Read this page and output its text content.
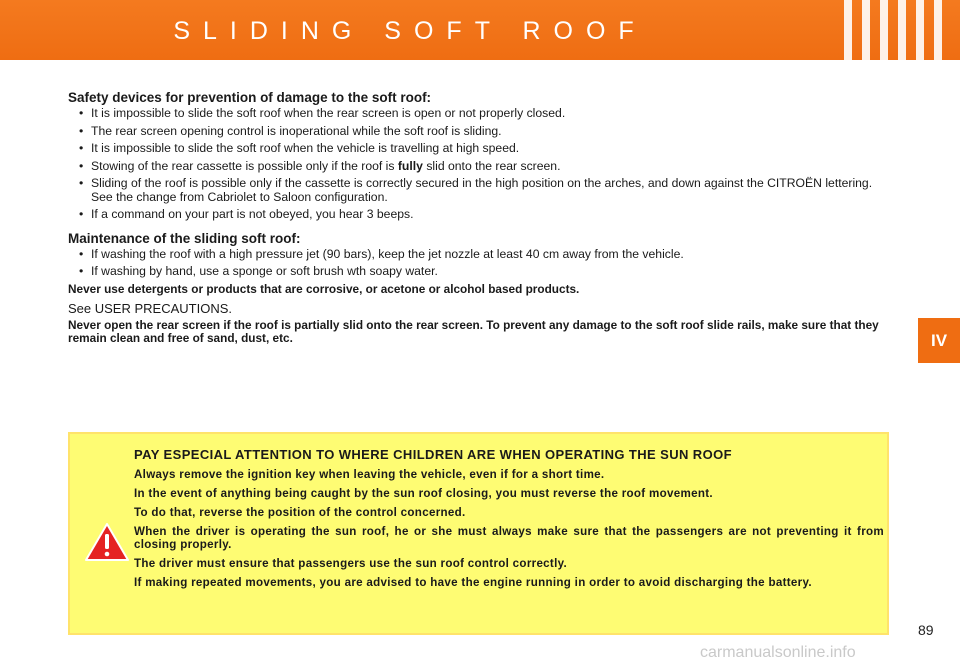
SLIDING SOFT ROOF
IV
Safety devices for prevention of damage to the soft roof:
• It is impossible to slide the soft roof when the rear screen is open or not properly closed.
• The rear screen opening control is inoperational while the soft roof is sliding.
• It is impossible to slide the soft roof when the vehicle is travelling at high speed.
• Stowing of the rear cassette is possible only if the roof is fully slid onto the rear screen.
• Sliding of the roof is possible only if the cassette is correctly secured in the high position on the arches, and down against the CITROËN lettering. See the change from Cabriolet to Saloon configuration.
• If a command on your part is not obeyed, you hear 3 beeps.
Maintenance of the sliding soft roof:
• If washing the roof with a high pressure jet (90 bars), keep the jet nozzle at least 40 cm away from the vehicle.
• If washing by hand, use a sponge or soft brush wth soapy water.

Never use detergents or products that are corrosive, or acetone or alcohol based products.

See USER PRECAUTIONS.

Never open the rear screen if the roof is partially slid onto the rear screen. To prevent any damage to the soft roof slide rails, make sure that they remain clean and free of sand, dust, etc.

PAY ESPECIAL ATTENTION TO WHERE CHILDREN ARE WHEN OPERATING THE SUN ROOF

Always remove the ignition key when leaving the vehicle, even if for a short time.

In the event of anything being caught by the sun roof closing, you must reverse the roof movement.

To do that, reverse the position of the control concerned.

When the driver is operating the sun roof, he or she must always make sure that the passengers are not preventing it from closing properly.

The driver must ensure that passengers use the sun roof control correctly.

If making repeated movements, you are advised to have the engine running in order to avoid discharging the battery.

89
carmanualsonline.info
